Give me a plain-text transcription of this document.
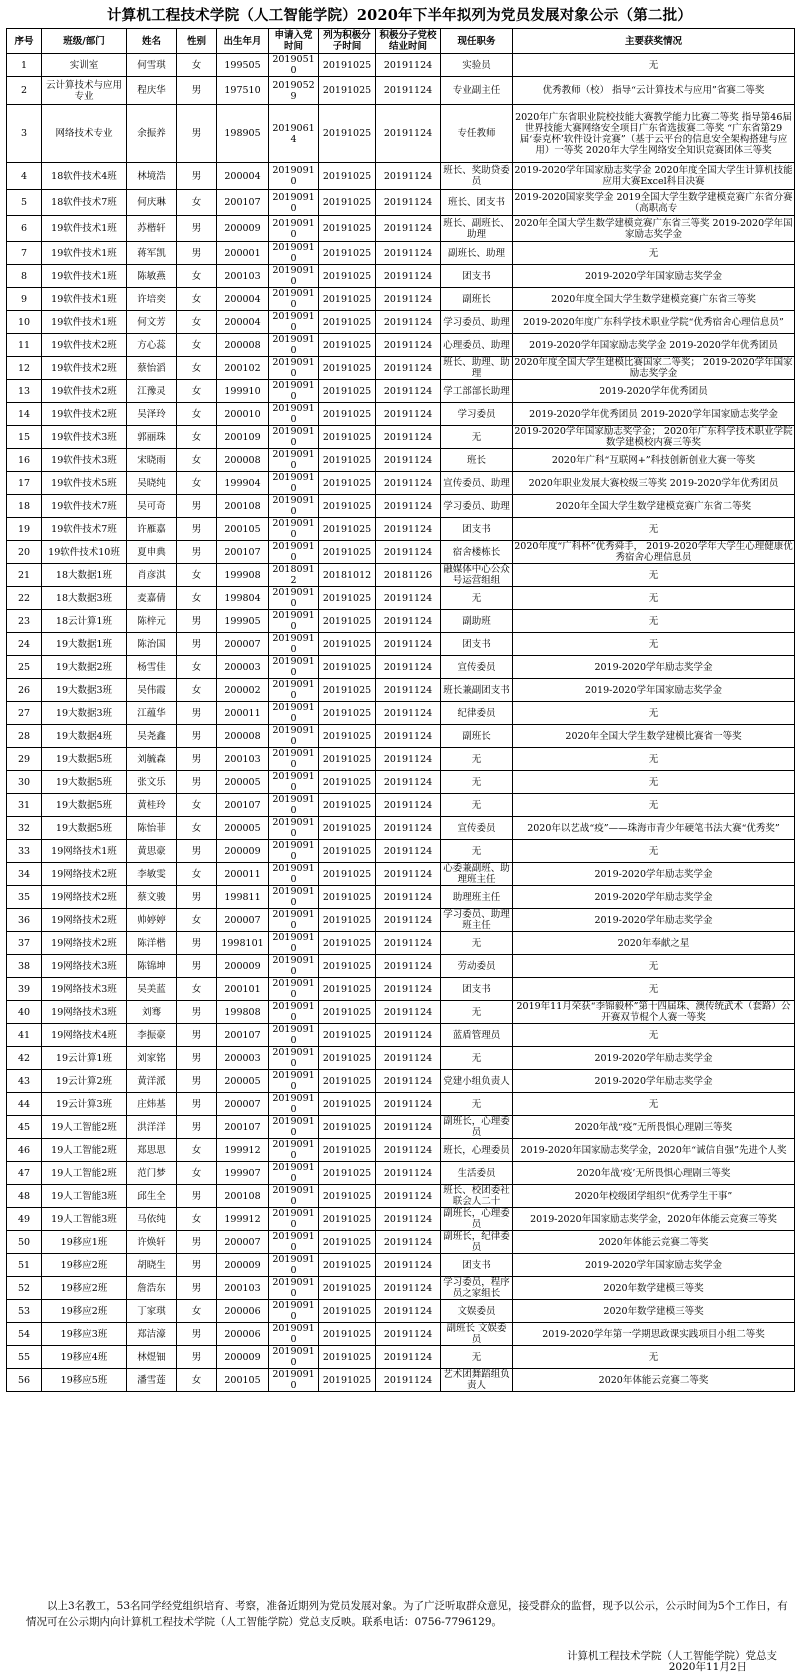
计算机工程技术学院（人工智能学院）2020年下半年拟列为党员发展对象公示（第二批）
序号	班级/部门	姓名	性别	出生年月	申请入党时间	列为积极分子时间	积极分子党校结业时间	现任职务	主要获奖情况
1	实训室	何雪琪	女	199505	20190510	20191025	20191124	实验员	无
2	云计算技术与应用专业	程庆华	男	197510	20190529	20191025	20191124	专业副主任	优秀教师（校） 指导“云计算技术与应用”省赛二等奖
3	网络技术专业	余振养	男	198905	20190614	20191025	20191124	专任教师	2020年广东省职业院校技能大赛教学能力比赛二等奖 指导第46届世界技能大赛网络安全项目广东省选拔赛二等奖 “广东省第29届‘泰克杯’软件设计竞赛”（基于云平台的信息安全架构搭建与应用）一等奖 2020年大学生网络安全知识竞赛团体三等奖
4	18软件技术4班	林境浩	男	200004	20190910	20191025	20191124	班长、奖助贷委员	2019-2020学年国家励志奖学金 2020年度全国大学生计算机技能应用大赛Excel科目决赛
5	18软件技术7班	何庆琳	女	200107	20190910	20191025	20191124	班长、团支书	2019-2020国家奖学金 2019全国大学生数学建模竞赛广东省分赛（高职高专
6	19软件技术1班	苏楷轩	男	200009	20190910	20191025	20191124	班长、副班长、助理	2020年全国大学生数学建模竞赛广东省三等奖 2019-2020学年国家励志奖学金
7	19软件技术1班	蒋军凯	男	200001	20190910	20191025	20191124	副班长、助理	无
8	19软件技术1班	陈敏燕	女	200103	20190910	20191025	20191124	团支书	2019-2020学年国家励志奖学金
9	19软件技术1班	许培奕	女	200004	20190910	20191025	20191124	副班长	2020年度全国大学生数学建模竞赛广东省三等奖
10	19软件技术1班	何文芳	女	200004	20190910	20191025	20191124	学习委员、助理	2019-2020年度广东科学技术职业学院“优秀宿舍心理信息员”
11	19软件技术2班	方心蕊	女	200008	20190910	20191025	20191124	心理委员、助理	2019-2020学年国家励志奖学金 2019-2020学年优秀团员
12	19软件技术2班	蔡怡滔	女	200102	20190910	20191025	20191124	班长、助理、助理	2020年度全国大学生建模比赛国家二等奖； 2019-2020学年国家励志奖学金
13	19软件技术2班	江豫灵	女	199910	20190910	20191025	20191124	学工部部长助理	2019-2020学年优秀团员
14	19软件技术2班	吴泽玲	女	200010	20190910	20191025	20191124	学习委员	2019-2020学年优秀团员 2019-2020学年国家励志奖学金
15	19软件技术3班	郭丽珠	女	200109	20190910	20191025	20191124	无	2019-2020学年国家励志奖学金； 2020年广东科学技术职业学院数学建模校内赛三等奖
16	19软件技术3班	宋晓雨	女	200008	20190910	20191025	20191124	班长	2020年广科“互联网+”科技创新创业大赛一等奖
17	19软件技术5班	吴晓纯	女	199904	20190910	20191025	20191124	宣传委员、助理	2020年职业发展大赛校级三等奖 2019-2020学年优秀团员
18	19软件技术7班	吴可奇	男	200108	20190910	20191025	20191124	学习委员、助理	2020年全国大学生数学建模竞赛广东省二等奖
19	19软件技术7班	许雁嘉	男	200105	20190910	20191025	20191124	团支书	无
20	19软件技术10班	夏申典	男	200107	20190910	20191025	20191124	宿舍楼栋长	2020年度“广科杯”优秀舜手， 2019-2020学年大学生心理健康优秀宿舍心理信息员
21	18大数据1班	肖彦淇	女	199908	20180912	20181012	20181126	融媒体中心公众号运营组组	无
22	18大数据3班	麦嘉倩	女	199804	20190910	20191025	20191124	无	无
23	18云计算1班	陈梓元	男	199905	20190910	20191025	20191124	副助班	无
24	19大数据1班	陈治国	男	200007	20190910	20191025	20191124	团支书	无
25	19大数据2班	杨雪佳	女	200003	20190910	20191025	20191124	宣传委员	2019-2020学年励志奖学金
26	19大数据3班	吴伟霞	女	200002	20190910	20191025	20191124	班长兼副团支书	2019-2020学年国家励志奖学金
27	19大数据3班	江蕴华	男	200011	20190910	20191025	20191124	纪律委员	无
28	19大数据4班	吴尧鑫	男	200008	20190910	20191025	20191124	副班长	2020年全国大学生数学建模比赛省一等奖
29	19大数据5班	刘毓森	男	200103	20190910	20191025	20191124	无	无
30	19大数据5班	张文乐	男	200005	20190910	20191025	20191124	无	无
31	19大数据5班	黄桂玲	女	200107	20190910	20191025	20191124	无	无
32	19大数据5班	陈怡菲	女	200005	20190910	20191025	20191124	宣传委员	2020年以艺战“疫”——珠海市青少年硬笔书法大赛“优秀奖”
33	19网络技术1班	黄思豪	男	200009	20190910	20191025	20191124	无	无
34	19网络技术2班	李敏雯	女	200011	20190910	20191025	20191124	心委兼副班、助理班主任	2019-2020学年励志奖学金
35	19网络技术2班	蔡文骏	男	199811	20190910	20191025	20191124	助理班主任	2019-2020学年励志奖学金
36	19网络技术2班	帅婷婷	女	200007	20190910	20191025	20191124	学习委员、助理班主任	2019-2020学年励志奖学金
37	19网络技术2班	陈洋楷	男	1998101	20190910	20191025	20191124	无	2020年奉献之星
38	19网络技术3班	陈锦坤	男	200009	20190910	20191025	20191124	劳动委员	无
39	19网络技术3班	吴美蓝	女	200101	20190910	20191025	20191124	团支书	无
40	19网络技术3班	刘骞	男	199808	20190910	20191025	20191124	无	2019年11月荣获“李锦毅杯”第十四届珠、澳传统武术（套路）公开赛双节棍个人赛一等奖
41	19网络技术4班	李振豪	男	200107	20190910	20191025	20191124	蓝盾管理员	无
42	19云计算1班	刘家铭	男	200003	20190910	20191025	20191124	无	2019-2020学年励志奖学金
43	19云计算2班	黄洋派	男	200005	20190910	20191025	20191124	党建小组负责人	2019-2020学年励志奖学金
44	19云计算3班	庄炜基	男	200007	20190910	20191025	20191124	无	无
45	19人工智能2班	洪洋洋	男	200107	20190910	20191025	20191124	副班长，心理委员	2020年战“疫”无所畏惧心理剧三等奖
46	19人工智能2班	郑思思	女	199912	20190910	20191025	20191124	班长，心理委员	2019-2020年国家励志奖学金，2020年“诚信自强”先进个人奖
47	19人工智能2班	范门梦	女	199907	20190910	20191025	20191124	生活委员	2020年战‘疫’无所畏惧心理剧三等奖
48	19人工智能3班	邱生全	男	200108	20190910	20191025	20191124	班长、校团委社联会人二十	2020年校级团学组织“优秀学生干事”
49	19人工智能3班	马依纯	女	199912	20190910	20191025	20191124	副班长，心理委员	2019-2020年国家励志奖学金，2020年体能云竞赛三等奖
50	19移应1班	许焕轩	男	200007	20190910	20191025	20191124	副班长，纪律委员	2020年体能云竞赛二等奖
51	19移应2班	胡晓生	男	200009	20190910	20191025	20191124	团支书	2019-2020学年国家励志奖学金
52	19移应2班	詹浩东	男	200103	20190910	20191025	20191124	学习委员，程序员之家组长	2020年数学建模三等奖
53	19移应2班	丁家琪	女	200006	20190910	20191025	20191124	文娱委员	2020年数学建模三等奖
54	19移应3班	郑洁濠	男	200006	20190910	20191025	20191124	副班长 文娱委员	2019-2020学年第一学期思政课实践项目小组二等奖
55	19移应4班	林煜钿	男	200009	20190910	20191025	20191124	无	无
56	19移应5班	潘雪莲	女	200105	20190910	20191025	20191124	艺术团舞蹈组负责人	2020年体能云竞赛二等奖
以上3名教工，53名同学经党组织培育、考察，准备近期列为党员发展对象。为了广泛听取群众意见，接受群众的监督，现予以公示，公示时间为5个工作日，有情况可在公示期内向计算机工程技术学院（人工智能学院）党总支反映。联系电话：0756-7796129。
计算机工程技术学院（人工智能学院）党总支
2020年11月2日
